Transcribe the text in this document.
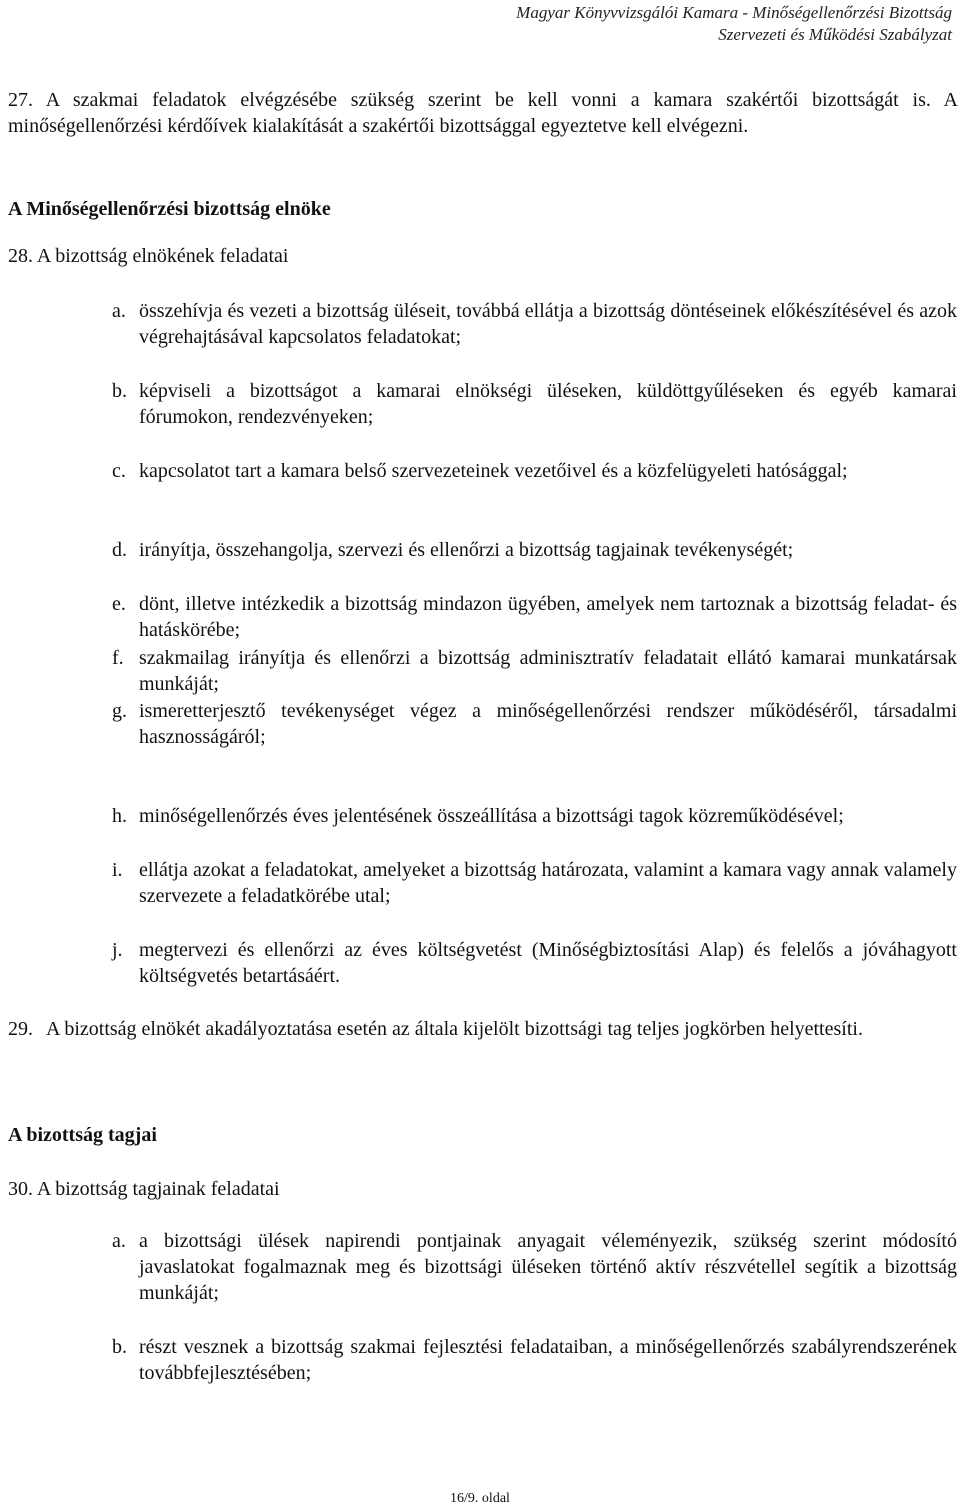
Magyar Könyvvizsgálói Kamara - Minőségellenőrzési Bizottság
Szervezeti és Működési Szabályzat

27. A szakmai feladatok elvégzésébe szükség szerint be kell vonni a kamara szakértői bizottságát is. A minőségellenőrzési kérdőívek kialakítását a szakértői bizottsággal egyeztetve kell elvégezni.

A Minőségellenőrzési bizottság elnöke

28. A bizottság elnökének feladatai

a. összehívja és vezeti a bizottság üléseit, továbbá ellátja a bizottság döntéseinek előkészítésével és azok végrehajtásával kapcsolatos feladatokat;

b. képviseli a bizottságot a kamarai elnökségi üléseken, küldöttgyűléseken és egyéb kamarai fórumokon, rendezvényeken;

c. kapcsolatot tart a kamara belső szervezeteinek vezetőivel és a közfelügyeleti hatósággal;

d. irányítja, összehangolja, szervezi és ellenőrzi a bizottság tagjainak tevékenységét;

e. dönt, illetve intézkedik a bizottság mindazon ügyében, amelyek nem tartoznak a bizottság feladat- és hatáskörébe;

f. szakmailag irányítja és ellenőrzi a bizottság adminisztratív feladatait ellátó kamarai munkatársak munkáját;

g. ismeretterjesztő tevékenységet végez a minőségellenőrzési rendszer működéséről, társadalmi hasznosságáról;

h. minőségellenőrzés éves jelentésének összeállítása a bizottsági tagok közreműködésével;

i. ellátja azokat a feladatokat, amelyeket a bizottság határozata, valamint a kamara vagy annak valamely szervezete a feladatkörébe utal;

j. megtervezi és ellenőrzi az éves költségvetést (Minőségbiztosítási Alap) és felelős a jóváhagyott költségvetés betartásáért.

29. A bizottság elnökét akadályoztatása esetén az általa kijelölt bizottsági tag teljes jogkörben helyettesíti.

A bizottság tagjai

30. A bizottság tagjainak feladatai

a. a bizottsági ülések napirendi pontjainak anyagait véleményezik, szükség szerint módosító javaslatokat fogalmaznak meg és bizottsági üléseken történő aktív részvétellel segítik a bizottság munkáját;

b. részt vesznek a bizottság szakmai fejlesztési feladataiban, a minőségellenőrzés szabályrendszerének továbbfejlesztésében;

16/9. oldal
